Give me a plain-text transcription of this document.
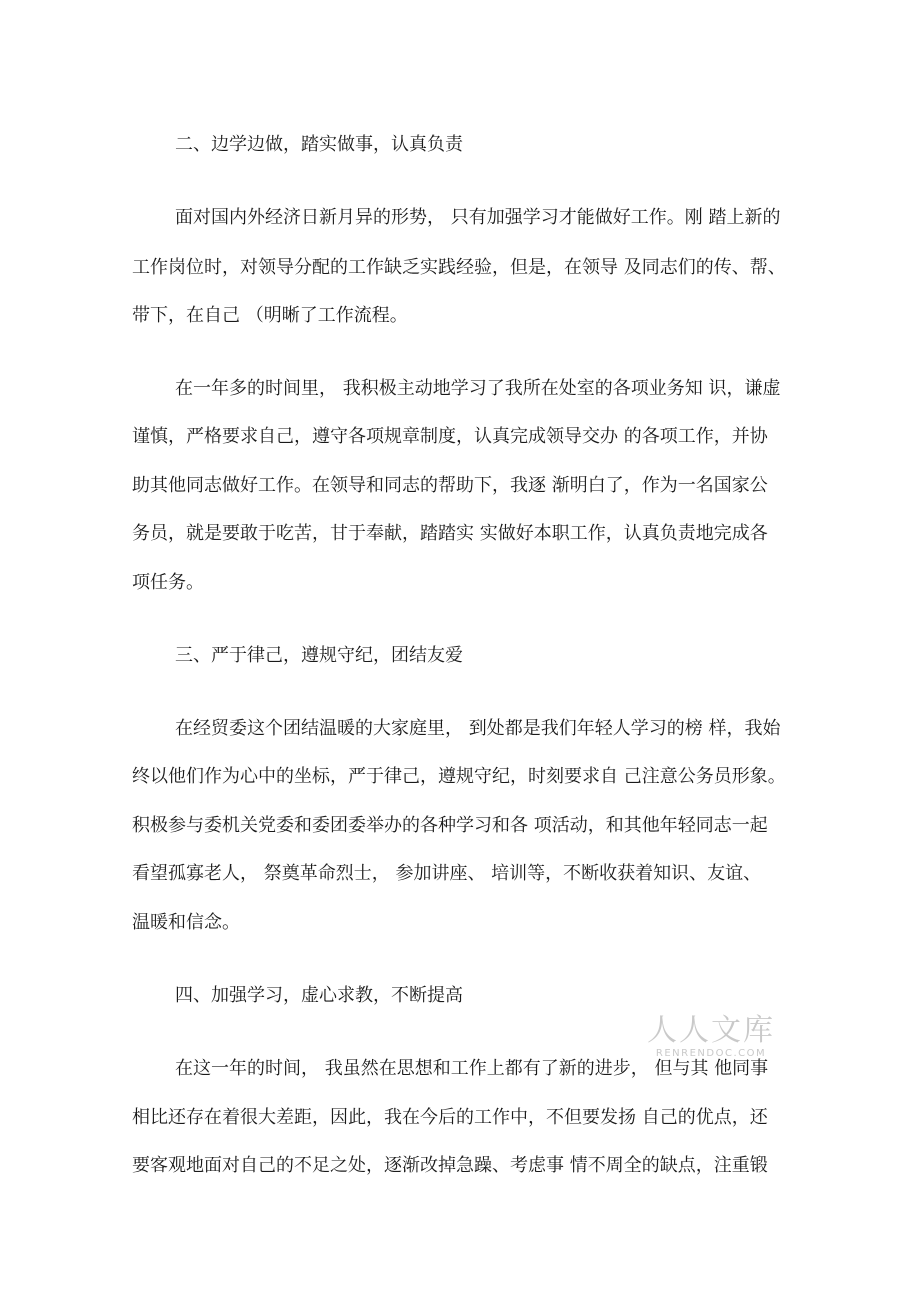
二、边学边做，踏实做事，认真负责

面对国内外经济日新月异的形势， 只有加强学习才能做好工作。刚 踏上新的

工作岗位时，对领导分配的工作缺乏实践经验，但是，在领导 及同志们的传、帮、

带下，在自己 （明晰了工作流程。

在一年多的时间里， 我积极主动地学习了我所在处室的各项业务知 识，谦虚

谨慎，严格要求自己，遵守各项规章制度，认真完成领导交办 的各项工作，并协

助其他同志做好工作。在领导和同志的帮助下，我逐 渐明白了，作为一名国家公

务员，就是要敢于吃苦，甘于奉献，踏踏实 实做好本职工作，认真负责地完成各

项任务。

三、严于律己，遵规守纪，团结友爱

在经贸委这个团结温暖的大家庭里， 到处都是我们年轻人学习的榜 样，我始

终以他们作为心中的坐标，严于律己，遵规守纪，时刻要求自 己注意公务员形象。

积极参与委机关党委和委团委举办的各种学习和各 项活动，和其他年轻同志一起

看望孤寡老人， 祭奠革命烈士， 参加讲座、 培训等，不断收获着知识、友谊、

温暖和信念。

四、加强学习，虚心求教，不断提高

在这一年的时间， 我虽然在思想和工作上都有了新的进步， 但与其 他同事

相比还存在着很大差距，因此，我在今后的工作中，不但要发扬 自己的优点，还

要客观地面对自己的不足之处，逐渐改掉急躁、考虑事 情不周全的缺点，注重锻

人人文库
RENRENDOC.COM
